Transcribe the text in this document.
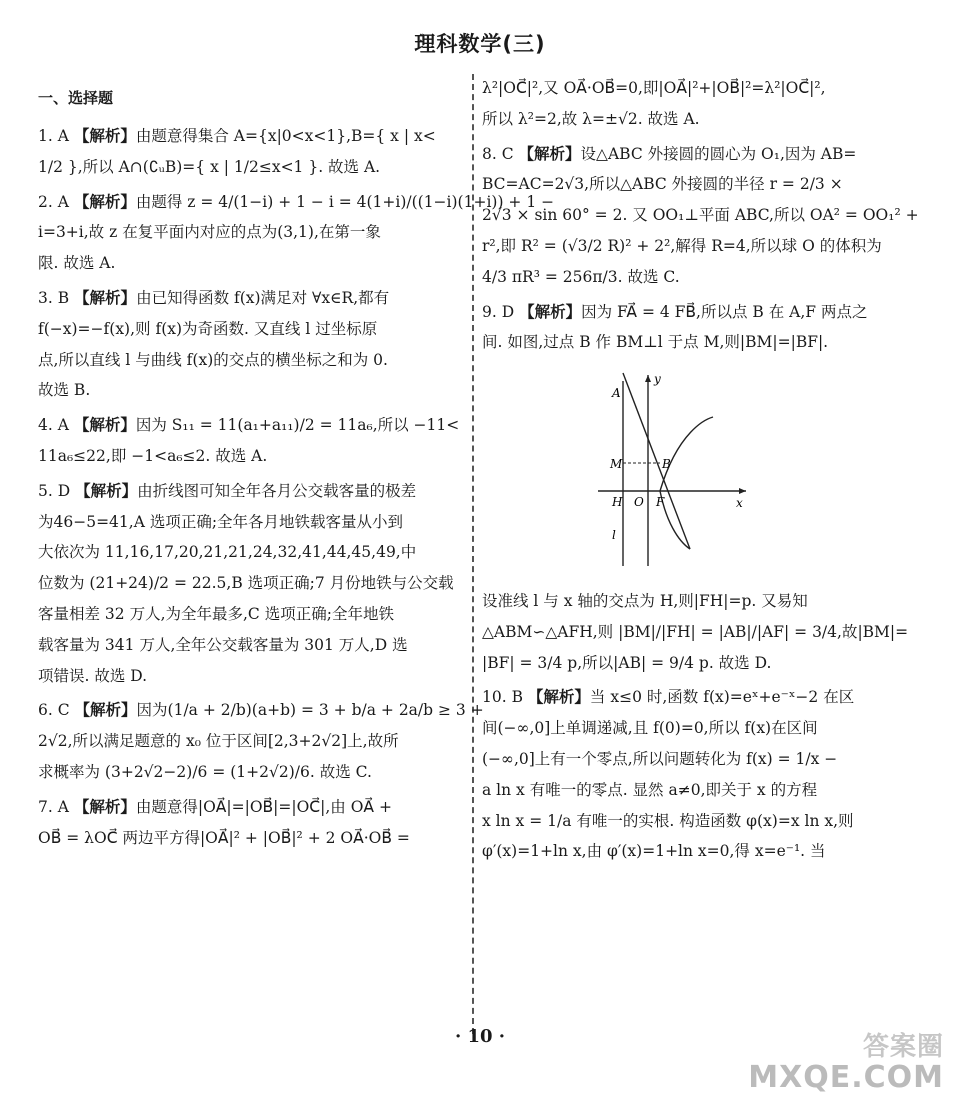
理科数学(三)
一、选择题
1. A 【解析】由题意得集合 A={x|0<x<1},B={ x | x<
1/2 },所以 A∩(∁ᵤB)={ x | 1/2≤x<1 }. 故选 A.
2. A 【解析】由题得 z = 4/(1−i) + 1 − i = 4(1+i)/((1−i)(1+i)) + 1 −
i=3+i,故 z 在复平面内对应的点为(3,1),在第一象
限. 故选 A.
3. B 【解析】由已知得函数 f(x)满足对 ∀x∈R,都有
f(−x)=−f(x),则 f(x)为奇函数. 又直线 l 过坐标原
点,所以直线 l 与曲线 f(x)的交点的横坐标之和为 0.
故选 B.
4. A 【解析】因为 S₁₁ = 11(a₁+a₁₁)/2 = 11a₆,所以 −11<
11a₆≤22,即 −1<a₆≤2. 故选 A.
5. D 【解析】由折线图可知全年各月公交载客量的极差
为46−5=41,A 选项正确;全年各月地铁载客量从小到
大依次为 11,16,17,20,21,21,24,32,41,44,45,49,中
位数为 (21+24)/2 = 22.5,B 选项正确;7 月份地铁与公交载
客量相差 32 万人,为全年最多,C 选项正确;全年地铁
载客量为 341 万人,全年公交载客量为 301 万人,D 选
项错误. 故选 D.
6. C 【解析】因为(1/a + 2/b)(a+b) = 3 + b/a + 2a/b ≥ 3 +
2√2,所以满足题意的 x₀ 位于区间[2,3+2√2]上,故所
求概率为 (3+2√2−2)/6 = (1+2√2)/6. 故选 C.
7. A 【解析】由题意得|OA⃗|=|OB⃗|=|OC⃗|,由 OA⃗ +
OB⃗ = λOC⃗ 两边平方得|OA⃗|² + |OB⃗|² + 2 OA⃗·OB⃗ =
λ²|OC⃗|²,又 OA⃗·OB⃗=0,即|OA⃗|²+|OB⃗|²=λ²|OC⃗|²,
所以 λ²=2,故 λ=±√2. 故选 A.
8. C 【解析】设△ABC 外接圆的圆心为 O₁,因为 AB=
BC=AC=2√3,所以△ABC 外接圆的半径 r = 2/3 ×
2√3 × sin 60° = 2. 又 OO₁⊥平面 ABC,所以 OA² = OO₁² +
r²,即 R² = (√3/2 R)² + 2²,解得 R=4,所以球 O 的体积为
4/3 πR³ = 256π/3. 故选 C.
9. D 【解析】因为 FA⃗ = 4 FB⃗,所以点 B 在 A,F 两点之
间. 如图,过点 B 作 BM⊥l 于点 M,则|BM|=|BF|.
y
x
A
M	B
H O F
l
设准线 l 与 x 轴的交点为 H,则|FH|=p. 又易知
△ABM∽△AFH,则 |BM|/|FH| = |AB|/|AF| = 3/4,故|BM|=
|BF| = 3/4 p,所以|AB| = 9/4 p. 故选 D.
10. B 【解析】当 x≤0 时,函数 f(x)=eˣ+e⁻ˣ−2 在区
间(−∞,0]上单调递减,且 f(0)=0,所以 f(x)在区间
(−∞,0]上有一个零点,所以问题转化为 f(x) = 1/x −
a ln x 有唯一的零点. 显然 a≠0,即关于 x 的方程
x ln x = 1/a 有唯一的实根. 构造函数 φ(x)=x ln x,则
φ′(x)=1+ln x,由 φ′(x)=1+ln x=0,得 x=e⁻¹. 当
· 10 ·	答案圈
MXQE.COM
